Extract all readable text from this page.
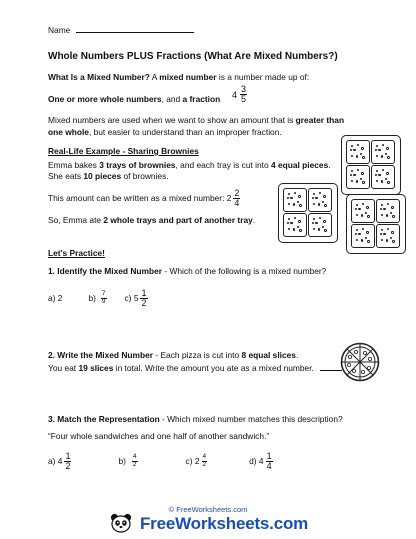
Name
Whole Numbers PLUS Fractions (What Are Mixed Numbers?)
What Is a Mixed Number? A mixed number is a number made up of:
One or more whole numbers, and a fraction $4 \frac{3}{5}$
Mixed numbers are used when we want to show an amount that is greater than
one whole, but easier to understand than an improper fraction.
Real-Life Example - Sharing Brownies
Emma bakes 3 trays of brownies, and each tray is cut into 4 equal pieces.
She eats 10 pieces of brownies.
This amount can be written as a mixed number: $2 \frac{2}{4}$
So, Emma ate 2 whole trays and part of another tray.
Let's Practice!
1. Identify the Mixed Number - Which of the following is a mixed number?
a) 2	$b) \frac{7}{9} c$) $5 \frac{1}{2}$
2. Write the Mixed Number - Each pizza is cut into 8 equal slices.
You eat 19 slices in total. Write the amount you ate as a mixed number.
3. Match the Representation - Which mixed number matches this description?
“Four whole sandwiches and one half of another sandwich.”
a) $4 \frac{1}{2}$	$b) \frac{4}{2}$	c) $2 \frac{4}{2}$	d) $4 \frac{1}{4}$
© FreeWorksheets.com
FreeWorksheets.com
